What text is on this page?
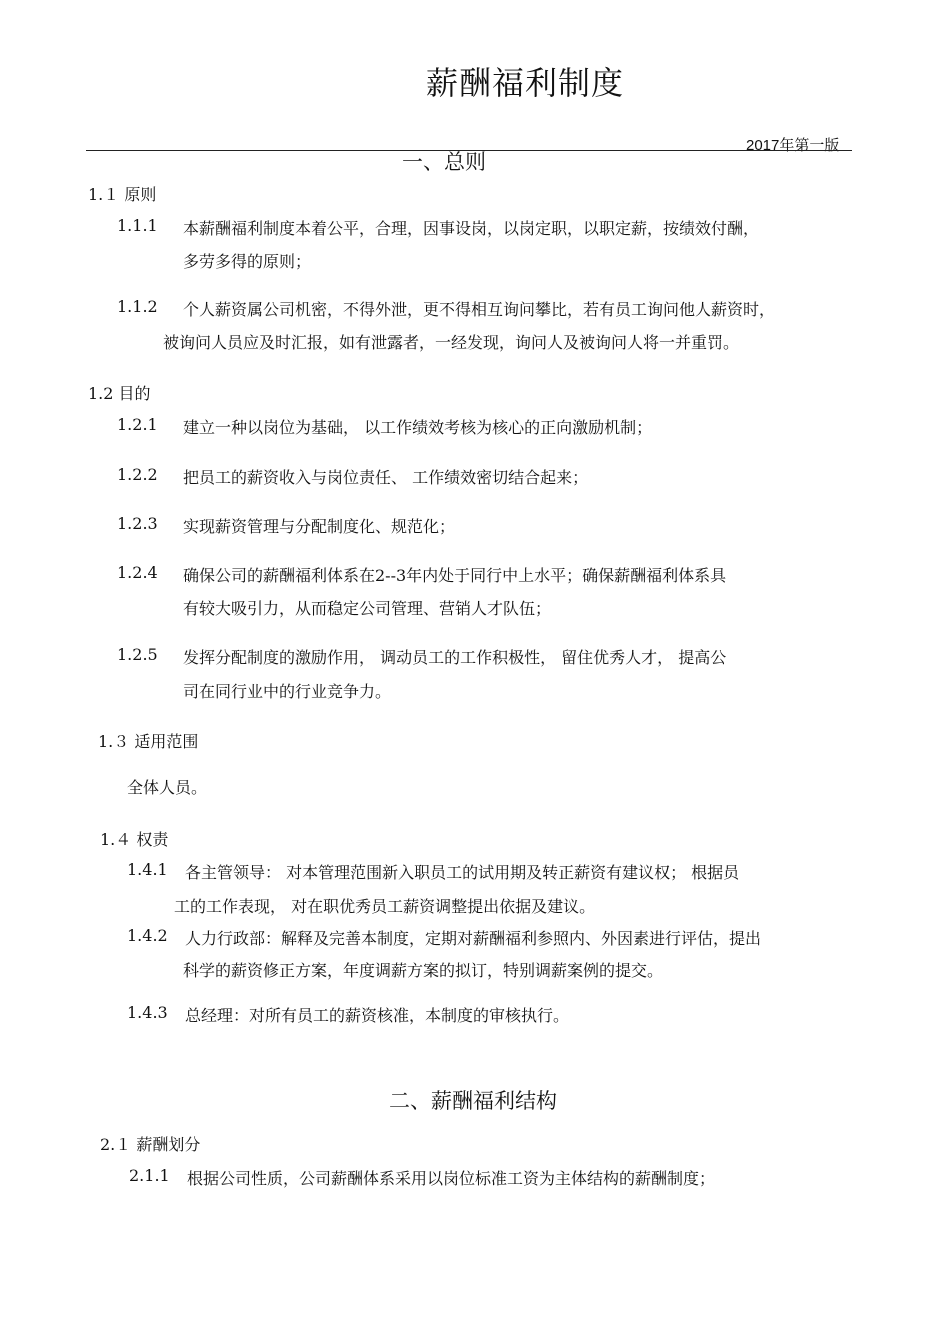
薪酬福利制度
2017年第一版
一、总则
1.１ 原则
1.1.1 本薪酬福利制度本着公平，合理，因事设岗，以岗定职，以职定薪，按绩效付酬，
多劳多得的原则；
1.1.2 个人薪资属公司机密，不得外泄，更不得相互询问攀比，若有员工询问他人薪资时，
被询问人员应及时汇报，如有泄露者，一经发现，询问人及被询问人将一并重罚。
1.2 目的
1.2.1 建立一种以岗位为基础， 以工作绩效考核为核心的正向激励机制；
1.2.2 把员工的薪资收入与岗位责任、 工作绩效密切结合起来；
1.2.3 实现薪资管理与分配制度化、规范化；
1.2.4 确保公司的薪酬福利体系在2--3年内处于同行中上水平；确保薪酬福利体系具
有较大吸引力，从而稳定公司管理、营销人才队伍；
1.2.5 发挥分配制度的激励作用， 调动员工的工作积极性， 留住优秀人才， 提高公
司在同行业中的行业竞争力。
1.３ 适用范围
全体人员。
1.４ 权责
1.4.1 各主管领导： 对本管理范围新入职员工的试用期及转正薪资有建议权； 根据员
工的工作表现， 对在职优秀员工薪资调整提出依据及建议。
1.4.2 人力行政部：解释及完善本制度，定期对薪酬福利参照内、外因素进行评估，提出
科学的薪资修正方案，年度调薪方案的拟订，特别调薪案例的提交。
1.4.3 总经理：对所有员工的薪资核准，本制度的审核执行。
二、薪酬福利结构
2.１ 薪酬划分
2.1.1 根据公司性质，公司薪酬体系采用以岗位标准工资为主体结构的薪酬制度；
